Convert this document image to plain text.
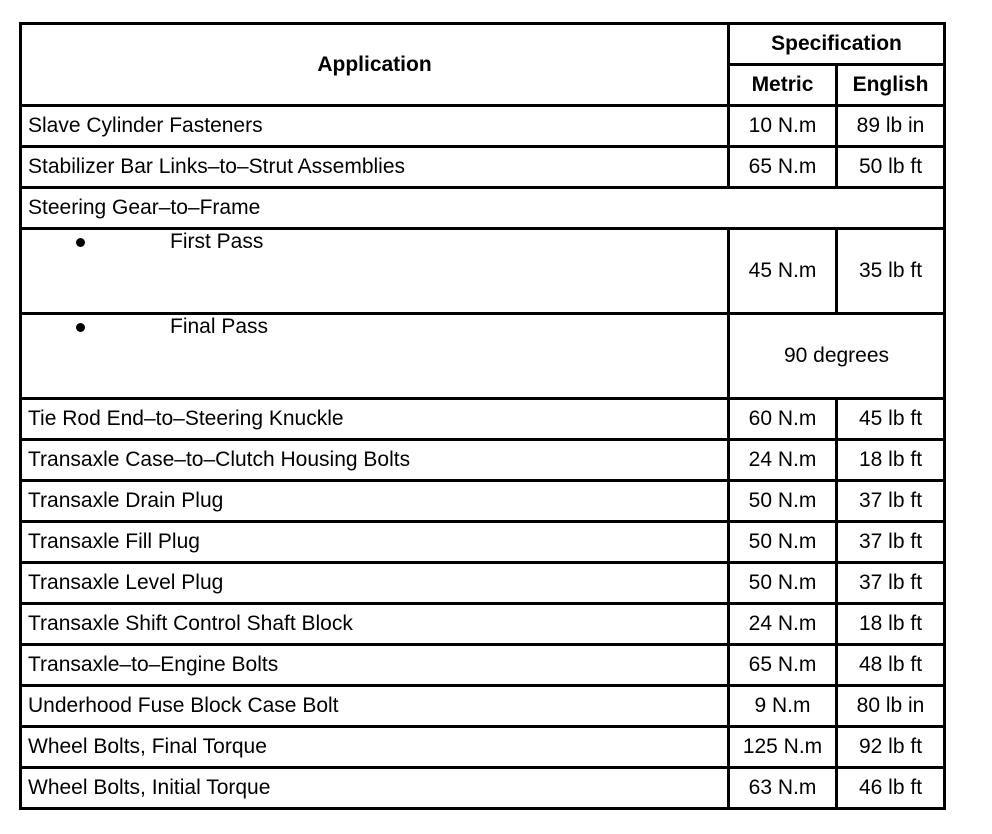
Application	Specification	
	Metric	English
Slave Cylinder Fasteners	10 N.m	89 lb in
Stabilizer Bar Links–to–Strut Assemblies	65 N.m	50 lb ft
Steering Gear–to–Frame		
First Pass	45 N.m	35 lb ft
Final Pass	90 degrees	
Tie Rod End–to–Steering Knuckle	60 N.m	45 lb ft
Transaxle Case–to–Clutch Housing Bolts	24 N.m	18 lb ft
Transaxle Drain Plug	50 N.m	37 lb ft
Transaxle Fill Plug	50 N.m	37 lb ft
Transaxle Level Plug	50 N.m	37 lb ft
Transaxle Shift Control Shaft Block	24 N.m	18 lb ft
Transaxle–to–Engine Bolts	65 N.m	48 lb ft
Underhood Fuse Block Case Bolt	9 N.m	80 lb in
Wheel Bolts, Final Torque	125 N.m	92 lb ft
Wheel Bolts, Initial Torque	63 N.m	46 lb ft
